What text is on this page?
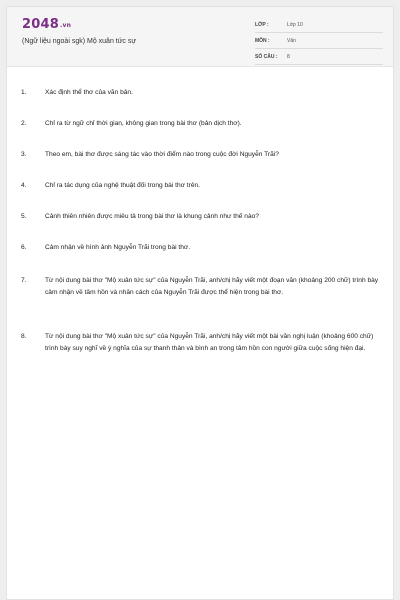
2048.vn
(Ngữ liệu ngoài sgk) Mộ xuân tức sự
LỚP :	Lớp 10
MÔN :	Văn
SỐ CÂU : 8
1.	Xác định thể thơ của văn bản.
2.	Chỉ ra từ ngữ chỉ thời gian, không gian trong bài thơ (bản dịch thơ).
3.	Theo em, bài thơ được sáng tác vào thời điểm nào trong cuộc đời Nguyễn Trãi?
4.	Chỉ ra tác dụng của nghệ thuật đối trong bài thơ trên.
5.	Cảnh thiên nhiên được miêu tả trong bài thơ là khung cảnh như thế nào?
6.	Cảm nhận về hình ảnh Nguyễn Trãi trong bài thơ.
7.	Từ nội dung bài thơ "Mộ xuân tức sự" của Nguyễn Trãi, anh/chị hãy viết một đoạn văn (khoảng 200 chữ) trình bày cảm nhận về tâm hồn và nhân cách của Nguyễn Trãi được thể hiện trong bài thơ.
8.	Từ nội dung bài thơ "Mộ xuân tức sự" của Nguyễn Trãi, anh/chị hãy viết một bài văn nghị luận (khoảng 600 chữ) trình bày suy nghĩ về ý nghĩa của sự thanh thản và bình an trong tâm hồn con người giữa cuộc sống hiện đại.
